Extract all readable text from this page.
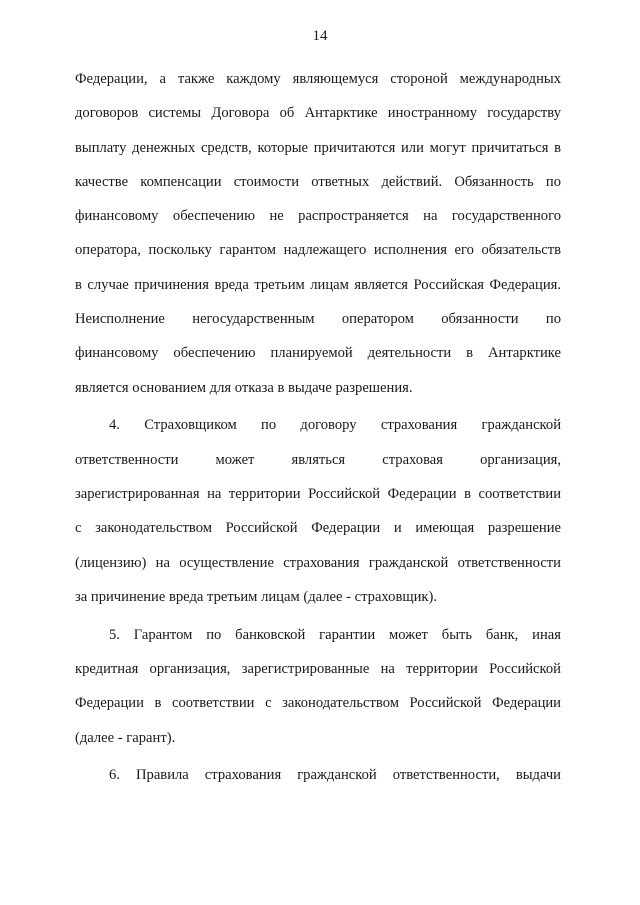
14
Федерации, а также каждому являющемуся стороной международных
договоров системы Договора об Антарктике иностранному государству
выплату денежных средств, которые причитаются или могут причитаться в
качестве компенсации стоимости ответных действий. Обязанность по
финансовому обеспечению не распространяется на государственного
оператора, поскольку гарантом надлежащего исполнения его обязательств
в случае причинения вреда третьим лицам является Российская Федерация.
Неисполнение негосударственным оператором обязанности по
финансовому обеспечению планируемой деятельности в Антарктике
является основанием для отказа в выдаче разрешения.
4. Страховщиком по договору страхования гражданской
ответственности может являться страховая организация,
зарегистрированная на территории Российской Федерации в соответствии
с законодательством Российской Федерации и имеющая разрешение
(лицензию) на осуществление страхования гражданской ответственности
за причинение вреда третьим лицам (далее - страховщик).
5. Гарантом по банковской гарантии может быть банк, иная
кредитная организация, зарегистрированные на территории Российской
Федерации в соответствии с законодательством Российской Федерации
(далее - гарант).
6. Правила страхования гражданской ответственности, выдачи
